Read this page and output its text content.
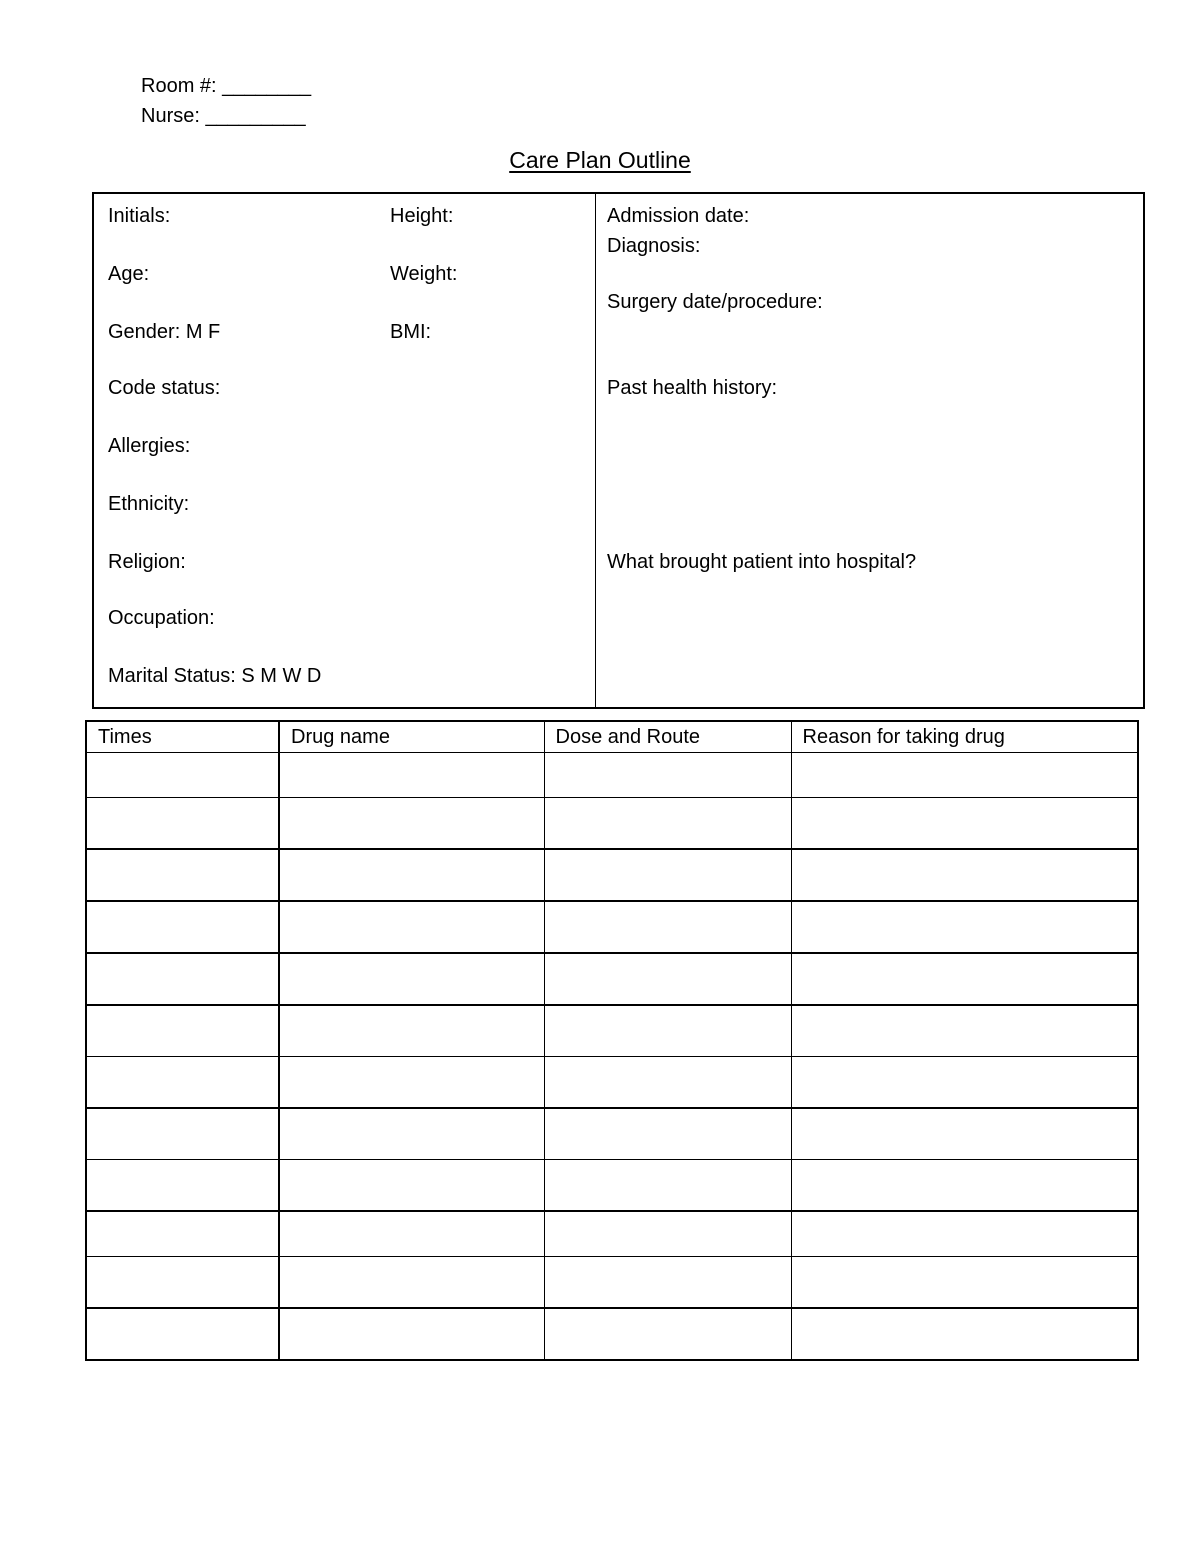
Room #: ________
Nurse: _________
Care Plan Outline
Initials:
Age:
Gender: M F
Code status:
Allergies:
Ethnicity:
Religion:
Occupation:
Marital Status: S M W D
Height:
Weight:
BMI:
Admission date:
Diagnosis:
Surgery date/procedure:
Past health history:
What brought patient into hospital?
Times	Drug name	Dose and Route	Reason for taking drug
